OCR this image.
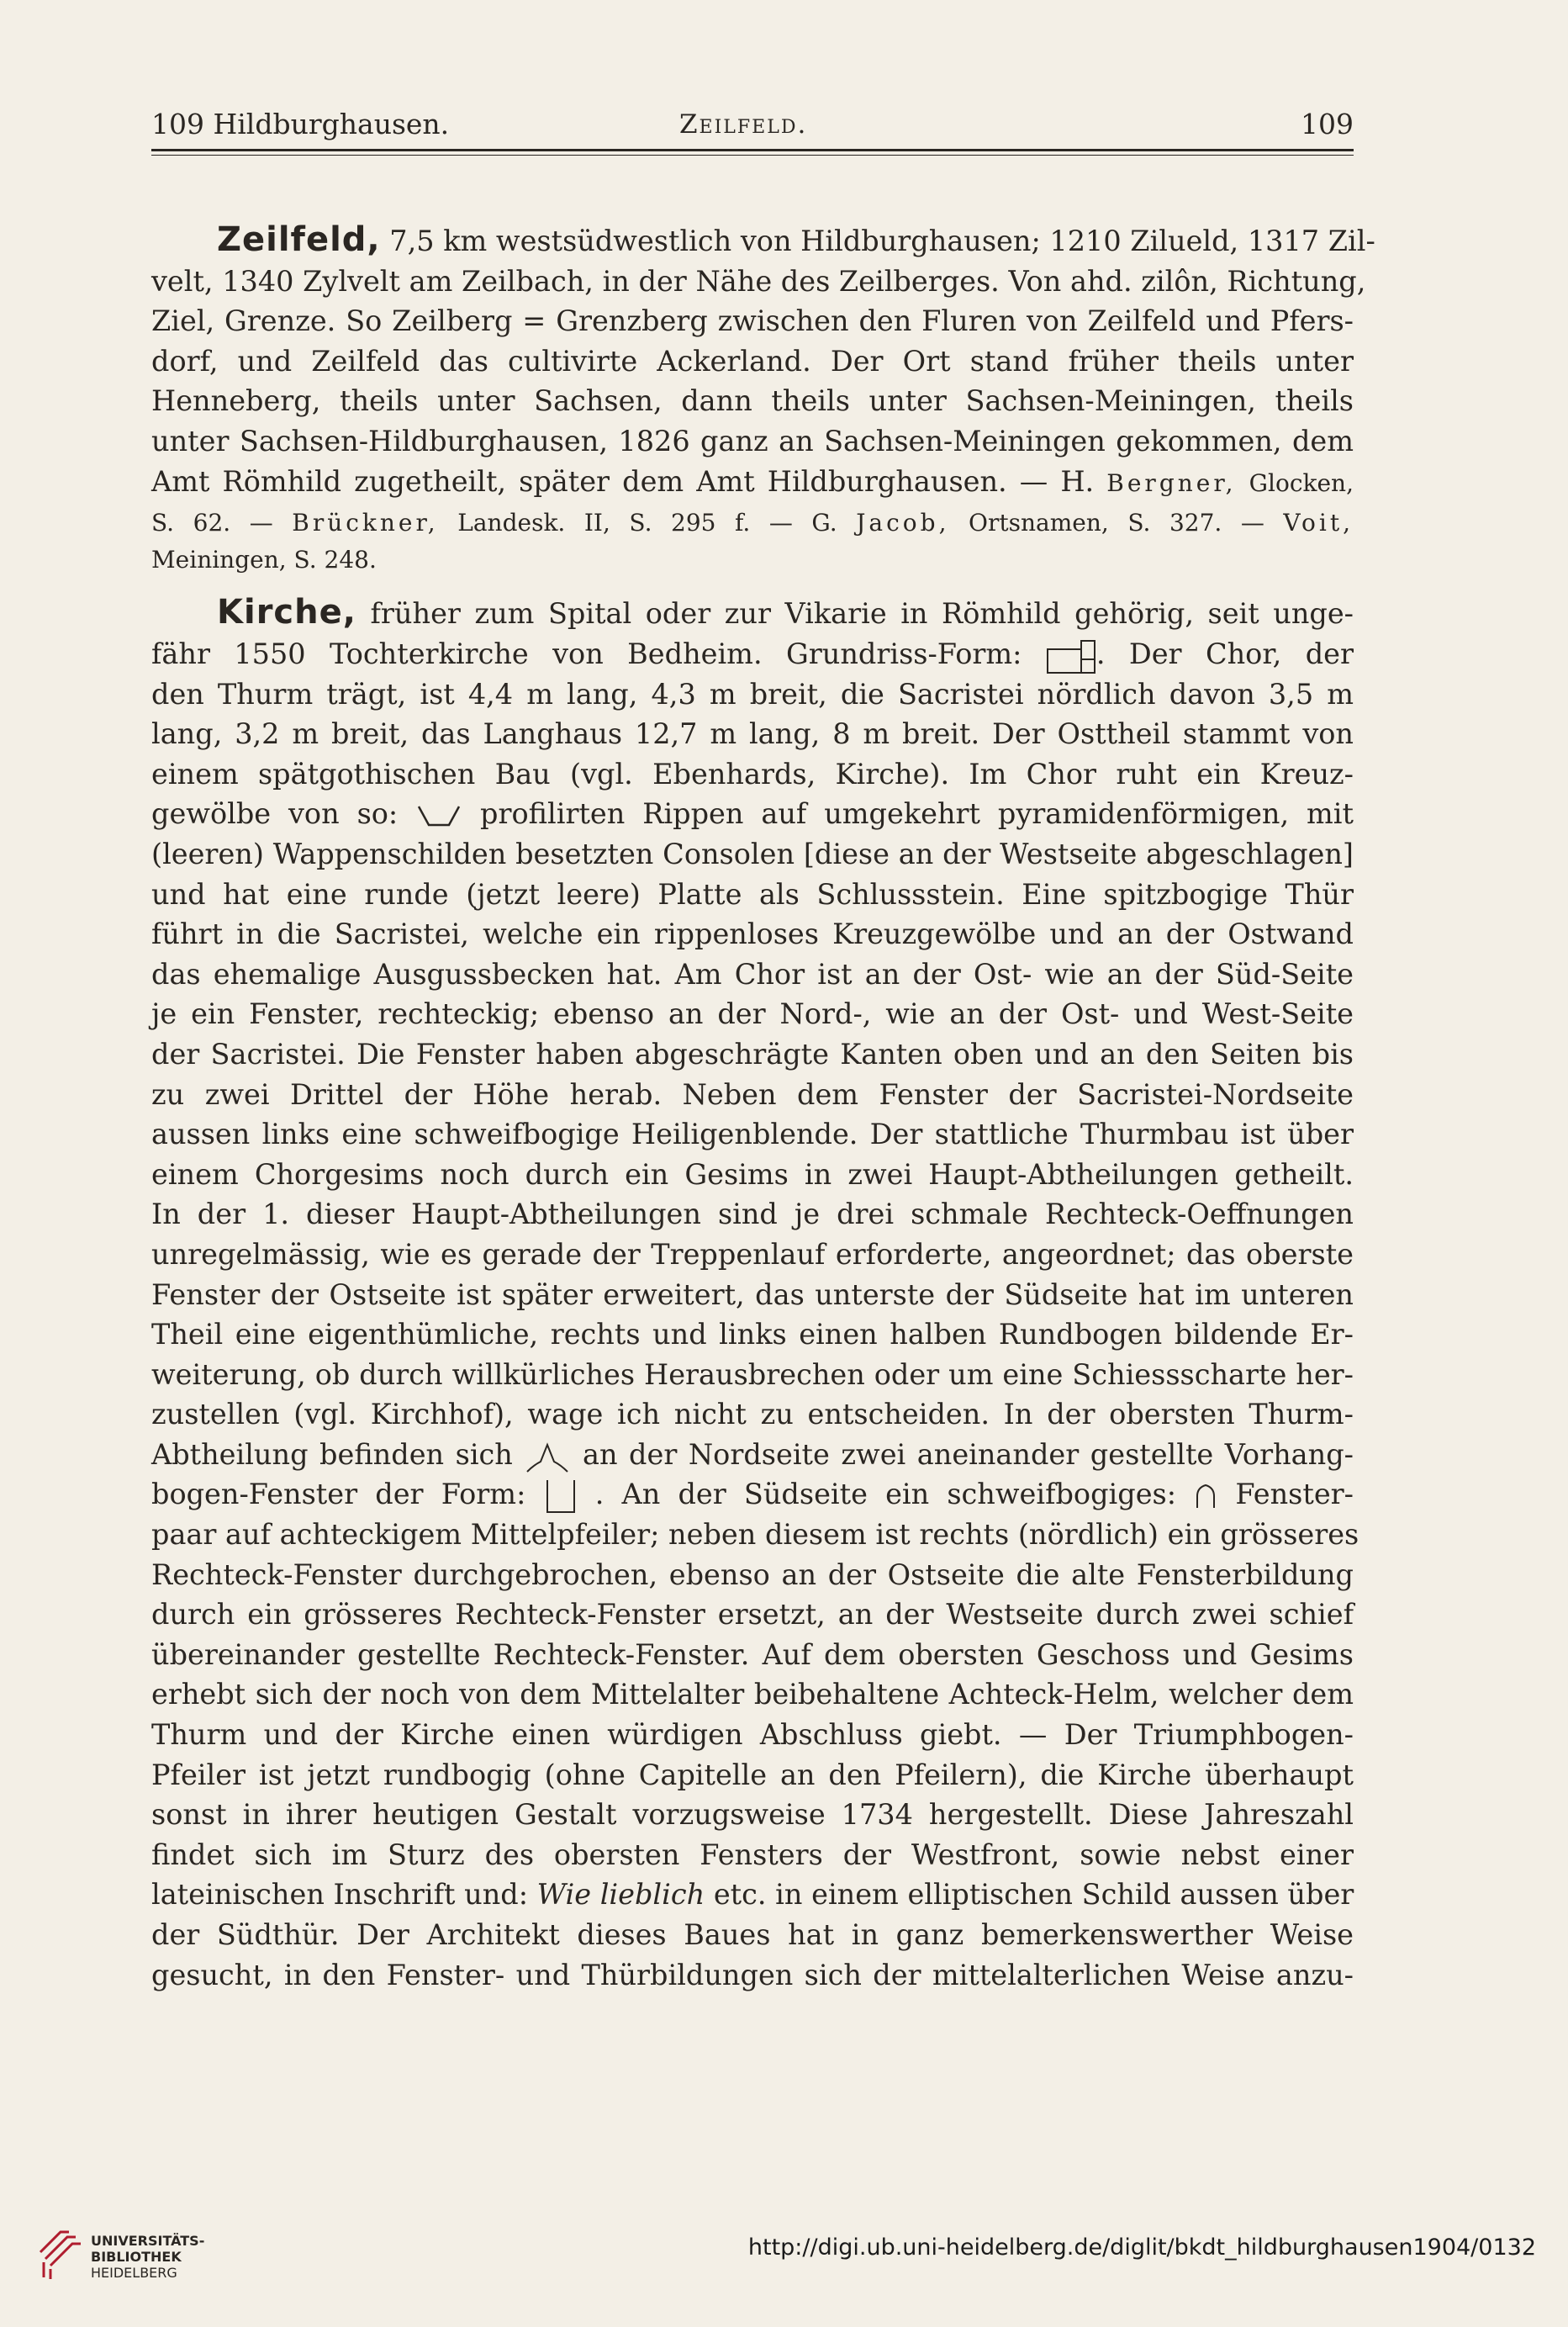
109 Hildburghausen.	Zeilfeld.	109
Zeilfeld, 7,5 km westsüdwestlich von Hildburghausen; 1210 Zilueld, 1317 Zil-
velt, 1340 Zylvelt am Zeilbach, in der Nähe des Zeilberges. Von ahd. zilôn, Richtung,
Ziel, Grenze. So Zeilberg = Grenzberg zwischen den Fluren von Zeilfeld und Pfers-
dorf, und Zeilfeld das cultivirte Ackerland. Der Ort stand früher theils unter
Henneberg, theils unter Sachsen, dann theils unter Sachsen-Meiningen, theils
unter Sachsen-Hildburghausen, 1826 ganz an Sachsen-Meiningen gekommen, dem
Amt Römhild zugetheilt, später dem Amt Hildburghausen. — H. Bergner, Glocken,
S. 62. — Brückner, Landesk. II, S. 295 f. — G. Jacob, Ortsnamen, S. 327. — Voit,
Meiningen, S. 248.
Kirche, früher zum Spital oder zur Vikarie in Römhild gehörig, seit unge-
fähr 1550 Tochterkirche von Bedheim. Grundriss-Form:	. Der Chor, der
den Thurm trägt, ist 4,4 m lang, 4,3 m breit, die Sacristei nördlich davon 3,5 m
lang, 3,2 m breit, das Langhaus 12,7 m lang, 8 m breit. Der Osttheil stammt von
einem spätgothischen Bau (vgl. Ebenhards, Kirche). Im Chor ruht ein Kreuz-
gewölbe von so:	profilirten Rippen auf umgekehrt pyramidenförmigen, mit
(leeren) Wappenschilden besetzten Consolen [diese an der Westseite abgeschlagen]
und hat eine runde (jetzt leere) Platte als Schlussstein. Eine spitzbogige Thür
führt in die Sacristei, welche ein rippenloses Kreuzgewölbe und an der Ostwand
das ehemalige Ausgussbecken hat. Am Chor ist an der Ost- wie an der Süd-Seite
je ein Fenster, rechteckig; ebenso an der Nord-, wie an der Ost- und West-Seite
der Sacristei. Die Fenster haben abgeschrägte Kanten oben und an den Seiten bis
zu zwei Drittel der Höhe herab. Neben dem Fenster der Sacristei-Nordseite
aussen links eine schweifbogige Heiligenblende. Der stattliche Thurmbau ist über
einem Chorgesims noch durch ein Gesims in zwei Haupt-Abtheilungen getheilt.
In der 1. dieser Haupt-Abtheilungen sind je drei schmale Rechteck-Oeffnungen
unregelmässig, wie es gerade der Treppenlauf erforderte, angeordnet; das oberste
Fenster der Ostseite ist später erweitert, das unterste der Südseite hat im unteren
Theil eine eigenthümliche, rechts und links einen halben Rundbogen bildende Er-
weiterung, ob durch willkürliches Herausbrechen oder um eine Schiessscharte her-
zustellen (vgl. Kirchhof), wage ich nicht zu entscheiden. In der obersten Thurm-
Abtheilung befinden sich an der Nordseite zwei aneinander gestellte Vorhang-
bogen-Fenster der Form: . An der Südseite ein schweifbogiges: Fenster-
paar auf achteckigem Mittelpfeiler; neben diesem ist rechts (nördlich) ein grösseres
Rechteck-Fenster durchgebrochen, ebenso an der Ostseite die alte Fensterbildung
durch ein grösseres Rechteck-Fenster ersetzt, an der Westseite durch zwei schief
übereinander gestellte Rechteck-Fenster. Auf dem obersten Geschoss und Gesims
erhebt sich der noch von dem Mittelalter beibehaltene Achteck-Helm, welcher dem
Thurm und der Kirche einen würdigen Abschluss giebt. — Der Triumphbogen-
Pfeiler ist jetzt rundbogig (ohne Capitelle an den Pfeilern), die Kirche überhaupt
sonst in ihrer heutigen Gestalt vorzugsweise 1734 hergestellt. Diese Jahreszahl
findet sich im Sturz des obersten Fensters der Westfront, sowie nebst einer
lateinischen Inschrift und: Wie lieblich etc. in einem elliptischen Schild aussen über
der Südthür. Der Architekt dieses Baues hat in ganz bemerkenswerther Weise
gesucht, in den Fenster- und Thürbildungen sich der mittelalterlichen Weise anzu-
UNIVERSITÄTS-
BIBLIOTHEK
HEIDELBERG
http://digi.ub.uni-heidelberg.de/diglit/bkdt_hildburghausen1904/0132
